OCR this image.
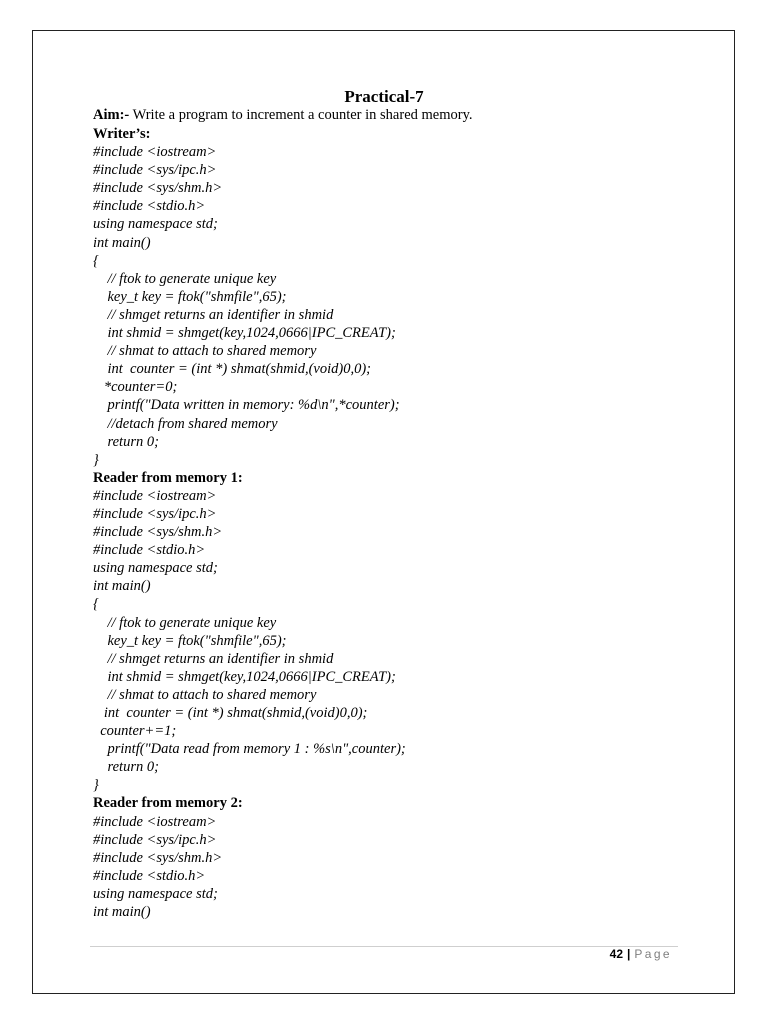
Practical-7
Aim:- Write a program to increment a counter in shared memory.
Writer’s:
#include <iostream>
#include <sys/ipc.h>
#include <sys/shm.h>
#include <stdio.h>
using namespace std;
int main()
{
// ftok to generate unique key
key_t key = ftok("shmfile",65);
// shmget returns an identifier in shmid
int shmid = shmget(key,1024,0666|IPC_CREAT);
// shmat to attach to shared memory
int  counter = (int *) shmat(shmid,(void)0,0);
*counter=0;
printf("Data written in memory: %d\n",*counter);
//detach from shared memory
return 0;
}
Reader from memory 1:
#include <iostream>
#include <sys/ipc.h>
#include <sys/shm.h>
#include <stdio.h>
using namespace std;
int main()
{
// ftok to generate unique key
key_t key = ftok("shmfile",65);
// shmget returns an identifier in shmid
int shmid = shmget(key,1024,0666|IPC_CREAT);
// shmat to attach to shared memory
int  counter = (int *) shmat(shmid,(void)0,0);
counter+=1;
printf("Data read from memory 1 : %s\n",counter);
return 0;
}
Reader from memory 2:
#include <iostream>
#include <sys/ipc.h>
#include <sys/shm.h>
#include <stdio.h>
using namespace std;
int main()
42 | Page
